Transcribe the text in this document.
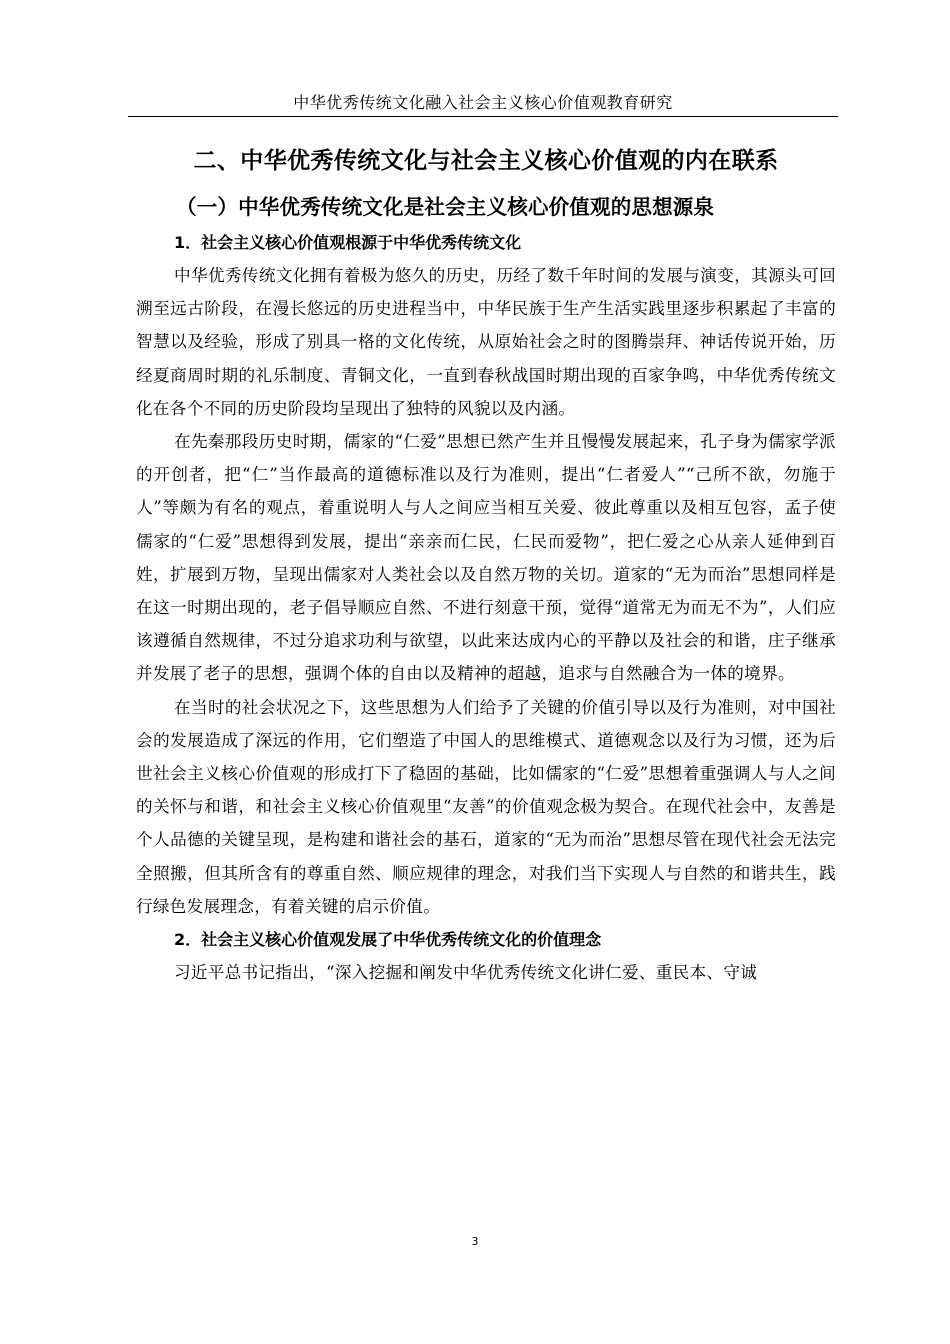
中华优秀传统文化融入社会主义核心价值观教育研究
二、中华优秀传统文化与社会主义核心价值观的内在联系
（一）中华优秀传统文化是社会主义核心价值观的思想源泉
1．社会主义核心价值观根源于中华优秀传统文化

中华优秀传统文化拥有着极为悠久的历史，历经了数千年时间的发展与演变，其源头可回溯至远古阶段，在漫长悠远的历史进程当中，中华民族于生产生活实践里逐步积累起了丰富的智慧以及经验，形成了别具一格的文化传统，从原始社会之时的图腾崇拜、神话传说开始，历经夏商周时期的礼乐制度、青铜文化，一直到春秋战国时期出现的百家争鸣，中华优秀传统文化在各个不同的历史阶段均呈现出了独特的风貌以及内涵。

在先秦那段历史时期，儒家的“仁爱”思想已然产生并且慢慢发展起来，孔子身为儒家学派的开创者，把“仁”当作最高的道德标准以及行为准则，提出“仁者爱人”“己所不欲，勿施于人”等颇为有名的观点，着重说明人与人之间应当相互关爱、彼此尊重以及相互包容，孟子使儒家的“仁爱”思想得到发展，提出“亲亲而仁民，仁民而爱物”，把仁爱之心从亲人延伸到百姓，扩展到万物，呈现出儒家对人类社会以及自然万物的关切。道家的“无为而治”思想同样是在这一时期出现的，老子倡导顺应自然、不进行刻意干预，觉得“道常无为而无不为”，人们应该遵循自然规律，不过分追求功利与欲望，以此来达成内心的平静以及社会的和谐，庄子继承并发展了老子的思想，强调个体的自由以及精神的超越，追求与自然融合为一体的境界。

在当时的社会状况之下，这些思想为人们给予了关键的价值引导以及行为准则，对中国社会的发展造成了深远的作用，它们塑造了中国人的思维模式、道德观念以及行为习惯，还为后世社会主义核心价值观的形成打下了稳固的基础，比如儒家的“仁爱”思想着重强调人与人之间的关怀与和谐，和社会主义核心价值观里“友善”的价值观念极为契合。在现代社会中，友善是个人品德的关键呈现，是构建和谐社会的基石，道家的“无为而治”思想尽管在现代社会无法完全照搬，但其所含有的尊重自然、顺应规律的理念，对我们当下实现人与自然的和谐共生，践行绿色发展理念，有着关键的启示价值。

2．社会主义核心价值观发展了中华优秀传统文化的价值理念

习近平总书记指出，“深入挖掘和阐发中华优秀传统文化讲仁爱、重民本、守诚

3
